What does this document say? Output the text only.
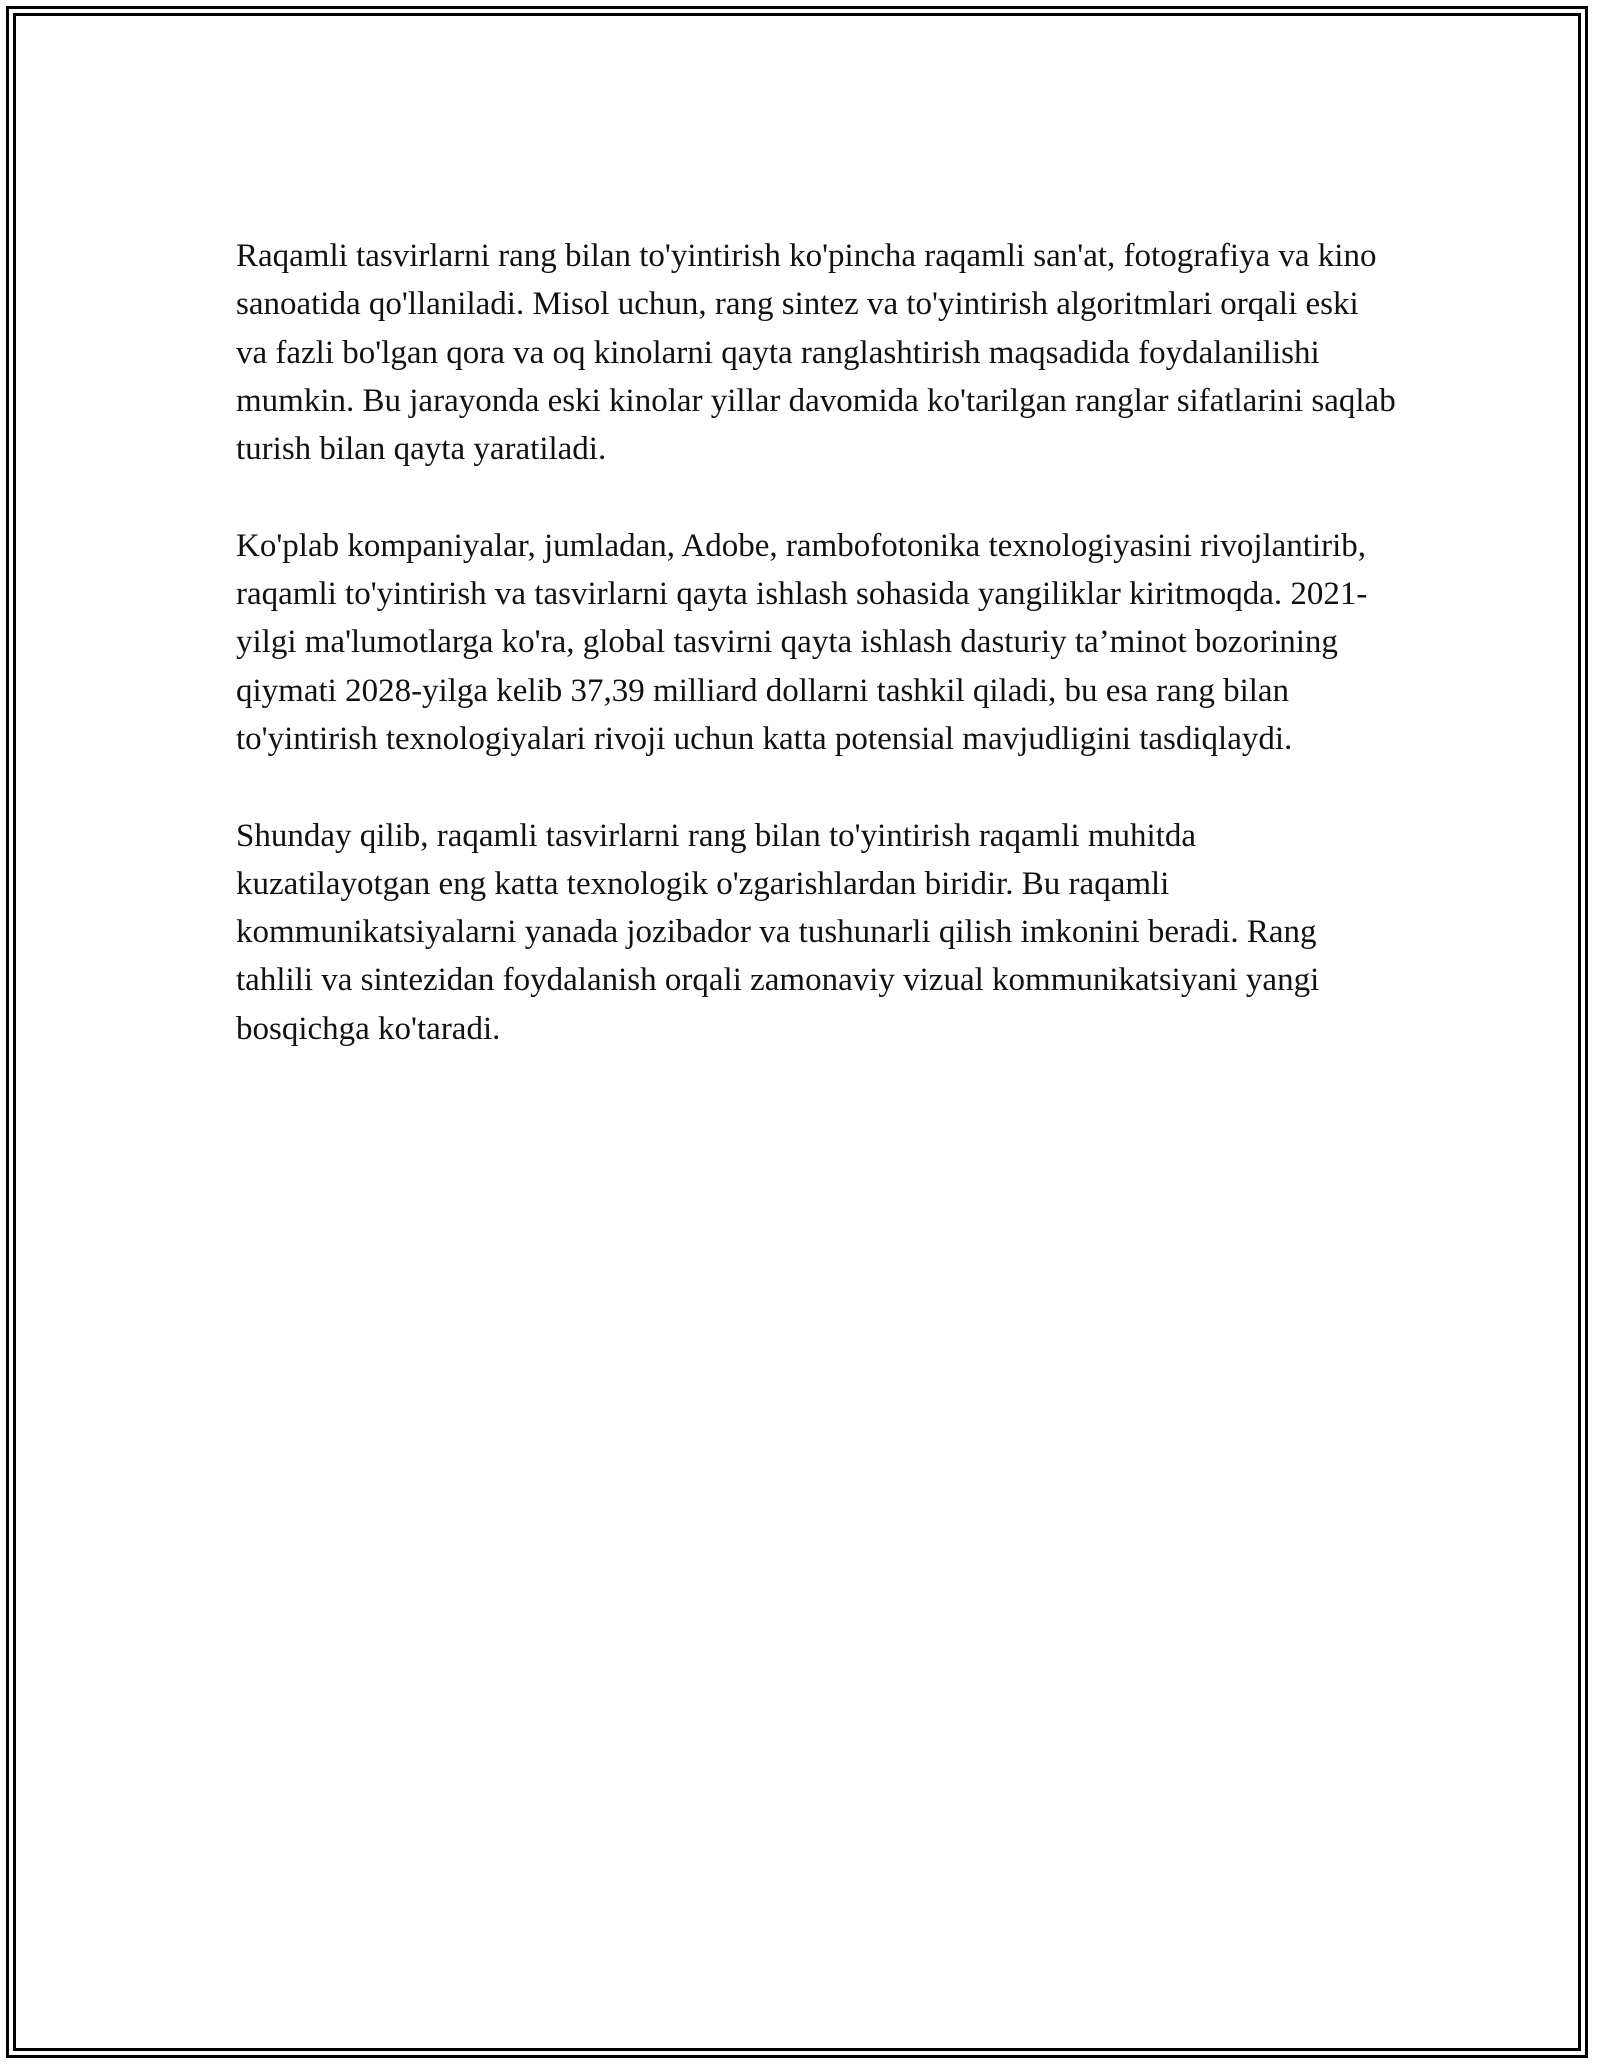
Raqamli tasvirlarni rang bilan to'yintirish ko'pincha raqamli san'at, fotografiya va kino sanoatida qo'llaniladi. Misol uchun, rang sintez va to'yintirish algoritmlari orqali eski va fazli bo'lgan qora va oq kinolarni qayta ranglashtirish maqsadida foydalanilishi mumkin. Bu jarayonda eski kinolar yillar davomida ko'tarilgan ranglar sifatlarini saqlab turish bilan qayta yaratiladi.

Ko'plab kompaniyalar, jumladan, Adobe, rambofotonika texnologiyasini rivojlantirib, raqamli to'yintirish va tasvirlarni qayta ishlash sohasida yangiliklar kiritmoqda. 2021-yilgi ma'lumotlarga ko'ra, global tasvirni qayta ishlash dasturiy ta’minot bozorining qiymati 2028-yilga kelib 37,39 milliard dollarni tashkil qiladi, bu esa rang bilan to'yintirish texnologiyalari rivoji uchun katta potensial mavjudligini tasdiqlaydi.

Shunday qilib, raqamli tasvirlarni rang bilan to'yintirish raqamli muhitda kuzatilayotgan eng katta texnologik o'zgarishlardan biridir. Bu raqamli kommunikatsiyalarni yanada jozibador va tushunarli qilish imkonini beradi. Rang tahlili va sintezidan foydalanish orqali zamonaviy vizual kommunikatsiyani yangi bosqichga ko'taradi.
